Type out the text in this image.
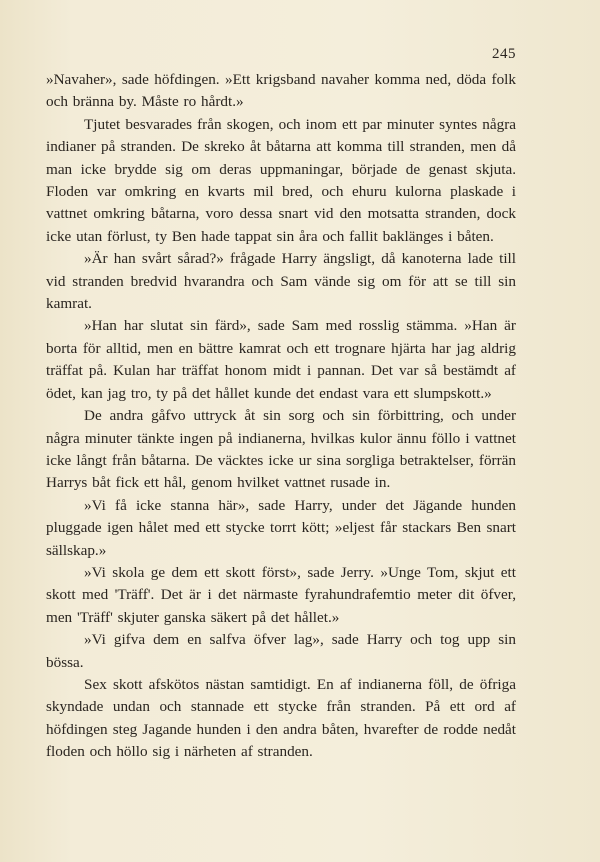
245

»Navaher», sade höfdingen. »Ett krigsband navaher komma ned, döda folk och bränna by. Måste ro hårdt.»

Tjutet besvarades från skogen, och inom ett par minuter syntes några indianer på stranden. De skreko åt båtarna att komma till stranden, men då man icke brydde sig om deras uppmaningar, började de genast skjuta. Floden var omkring en kvarts mil bred, och ehuru kulorna plaskade i vattnet omkring båtarna, voro dessa snart vid den motsatta stranden, dock icke utan förlust, ty Ben hade tappat sin åra och fallit baklänges i båten.

»Är han svårt sårad?» frågade Harry ängsligt, då kanoterna lade till vid stranden bredvid hvarandra och Sam vände sig om för att se till sin kamrat.

»Han har slutat sin färd», sade Sam med rosslig stämma. »Han är borta för alltid, men en bättre kamrat och ett trognare hjärta har jag aldrig träffat på. Kulan har träffat honom midt i pannan. Det var så bestämdt af ödet, kan jag tro, ty på det hållet kunde det endast vara ett slumpskott.»

De andra gåfvo uttryck åt sin sorg och sin förbittring, och under några minuter tänkte ingen på indianerna, hvilkas kulor ännu föllo i vattnet icke långt från båtarna. De väcktes icke ur sina sorgliga betraktelser, förrän Harrys båt fick ett hål, genom hvilket vattnet rusade in.

»Vi få icke stanna här», sade Harry, under det Jägande hunden pluggade igen hålet med ett stycke torrt kött; »eljest får stackars Ben snart sällskap.»

»Vi skola ge dem ett skott först», sade Jerry. »Unge Tom, skjut ett skott med 'Träff'. Det är i det närmaste fyrahundrafemtio meter dit öfver, men 'Träff' skjuter ganska säkert på det hållet.»

»Vi gifva dem en salfva öfver lag», sade Harry och tog upp sin bössa.

Sex skott afskötos nästan samtidigt. En af indianerna föll, de öfriga skyndade undan och stannade ett stycke från stranden. På ett ord af höfdingen steg Jagande hunden i den andra båten, hvarefter de rodde nedåt floden och höllo sig i närheten af stranden.
